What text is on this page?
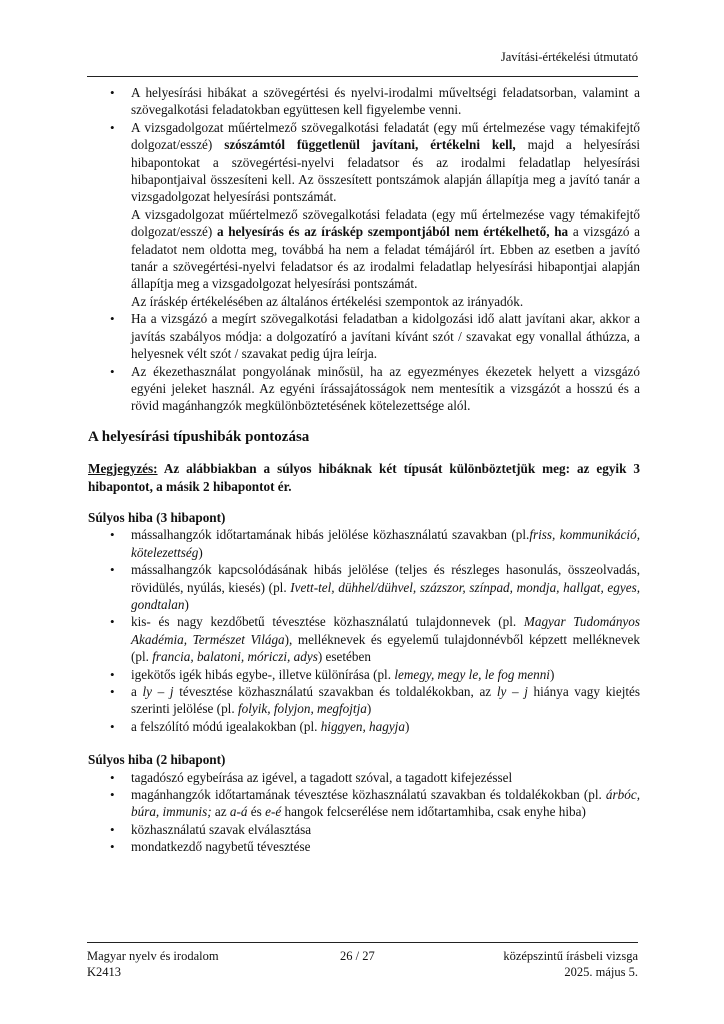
Javítási-értékelési útmutató
• A helyesírási hibákat a szövegértési és nyelvi-irodalmi műveltségi feladatsorban, valamint a szövegalkotási feladatokban együttesen kell figyelembe venni.
• A vizsgadolgozat műértelmező szövegalkotási feladatát (egy mű értelmezése vagy témakifejtő dolgozat/esszé) szószámtól függetlenül javítani, értékelni kell, majd a helyesírási hibapontokat a szövegértési-nyelvi feladatsor és az irodalmi feladatlap helyesírási hibapontjaival összesíteni kell. Az összesített pontszámok alapján állapítja meg a javító tanár a vizsgadolgozat helyesírási pontszámát.
A vizsgadolgozat műértelmező szövegalkotási feladata (egy mű értelmezése vagy témakifejtő dolgozat/esszé) a helyesírás és az íráskép szempontjából nem értékelhető, ha a vizsgázó a feladatot nem oldotta meg, továbbá ha nem a feladat témájáról írt. Ebben az esetben a javító tanár a szövegértési-nyelvi feladatsor és az irodalmi feladatlap helyesírási hibapontjai alapján állapítja meg a vizsgadolgozat helyesírási pontszámát.
Az íráskép értékelésében az általános értékelési szempontok az irányadók.
• Ha a vizsgázó a megírt szövegalkotási feladatban a kidolgozási idő alatt javítani akar, akkor a javítás szabályos módja: a dolgozatíró a javítani kívánt szót / szavakat egy vonallal áthúzza, a helyesnek vélt szót / szavakat pedig újra leírja.
• Az ékezethasználat pongyolának minősül, ha az egyezményes ékezetek helyett a vizsgázó egyéni jeleket használ. Az egyéni írássajátosságok nem mentesítik a vizsgázót a hosszú és a rövid magánhangzók megkülönböztetésének kötelezettsége alól.
A helyesírási típushibák pontozása
Megjegyzés: Az alábbiakban a súlyos hibáknak két típusát különböztetjük meg: az egyik 3 hibapontot, a másik 2 hibapontot ér.
Súlyos hiba (3 hibapont)
• mássalhangzók időtartamának hibás jelölése közhasználatú szavakban (pl.friss, kommunikáció, kötelezettség)
• mássalhangzók kapcsolódásának hibás jelölése (teljes és részleges hasonulás, összeolvadás, rövidülés, nyúlás, kiesés) (pl. Ivett-tel, dühhel/dühvel, százszor, színpad, mondja, hallgat, egyes, gondtalan)
• kis- és nagy kezdőbetű tévesztése közhasználatú tulajdonnevek (pl. Magyar Tudományos Akadémia, Természet Világa), melléknevek és egyelemű tulajdonnévből képzett melléknevek (pl. francia, balatoni, móriczi, adys) esetében
• igekötős igék hibás egybe-, illetve különírása (pl. lemegy, megy le, le fog menni)
• a ly – j tévesztése közhasználatú szavakban és toldalékokban, az ly – j hiánya vagy kiejtés szerinti jelölése (pl. folyik, folyjon, megfojtja)
• a felszólító módú igealakokban (pl. higgyen, hagyja)
Súlyos hiba (2 hibapont)
• tagadószó egybeírása az igével, a tagadott szóval, a tagadott kifejezéssel
• magánhangzók időtartamának tévesztése közhasználatú szavakban és toldalékokban (pl. árbóc, búra, immunis; az a-á és e-é hangok felcserélése nem időtartamhiba, csak enyhe hiba)
• közhasználatú szavak elválasztása
• mondatkezdő nagybetű tévesztése
Magyar nyelv és irodalom
K2413
26 / 27	középszintű írásbeli vizsga
2025. május 5.
